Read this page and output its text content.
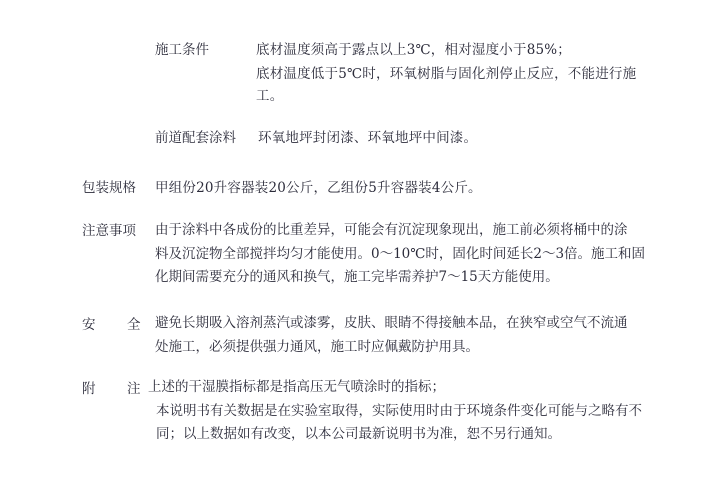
施工条件	底材温度须高于露点以上3℃，相对湿度小于85%；
底材温度低于5℃时，环氧树脂与固化剂停止反应，不能进行施
工。
前道配套涂料 环氧地坪封闭漆、环氧地坪中间漆。
包装规格 甲组份20升容器装20公斤，乙组份5升容器装4公斤。
注意事项 由于涂料中各成份的比重差异，可能会有沉淀现象现出，施工前必须将桶中的涂
料及沉淀物全部搅拌均匀才能使用。0～10℃时，固化时间延长2～3倍。施工和固
化期间需要充分的通风和换气，施工完毕需养护7～15天方能使用。
安 全 避免长期吸入溶剂蒸汽或漆雾，皮肤、眼睛不得接触本品，在狭窄或空气不流通
处施工，必须提供强力通风，施工时应佩戴防护用具。
附 注 上述的干湿膜指标都是指高压无气喷涂时的指标；
本说明书有关数据是在实验室取得，实际使用时由于环境条件变化可能与之略有不
同；以上数据如有改变，以本公司最新说明书为准，恕不另行通知。
